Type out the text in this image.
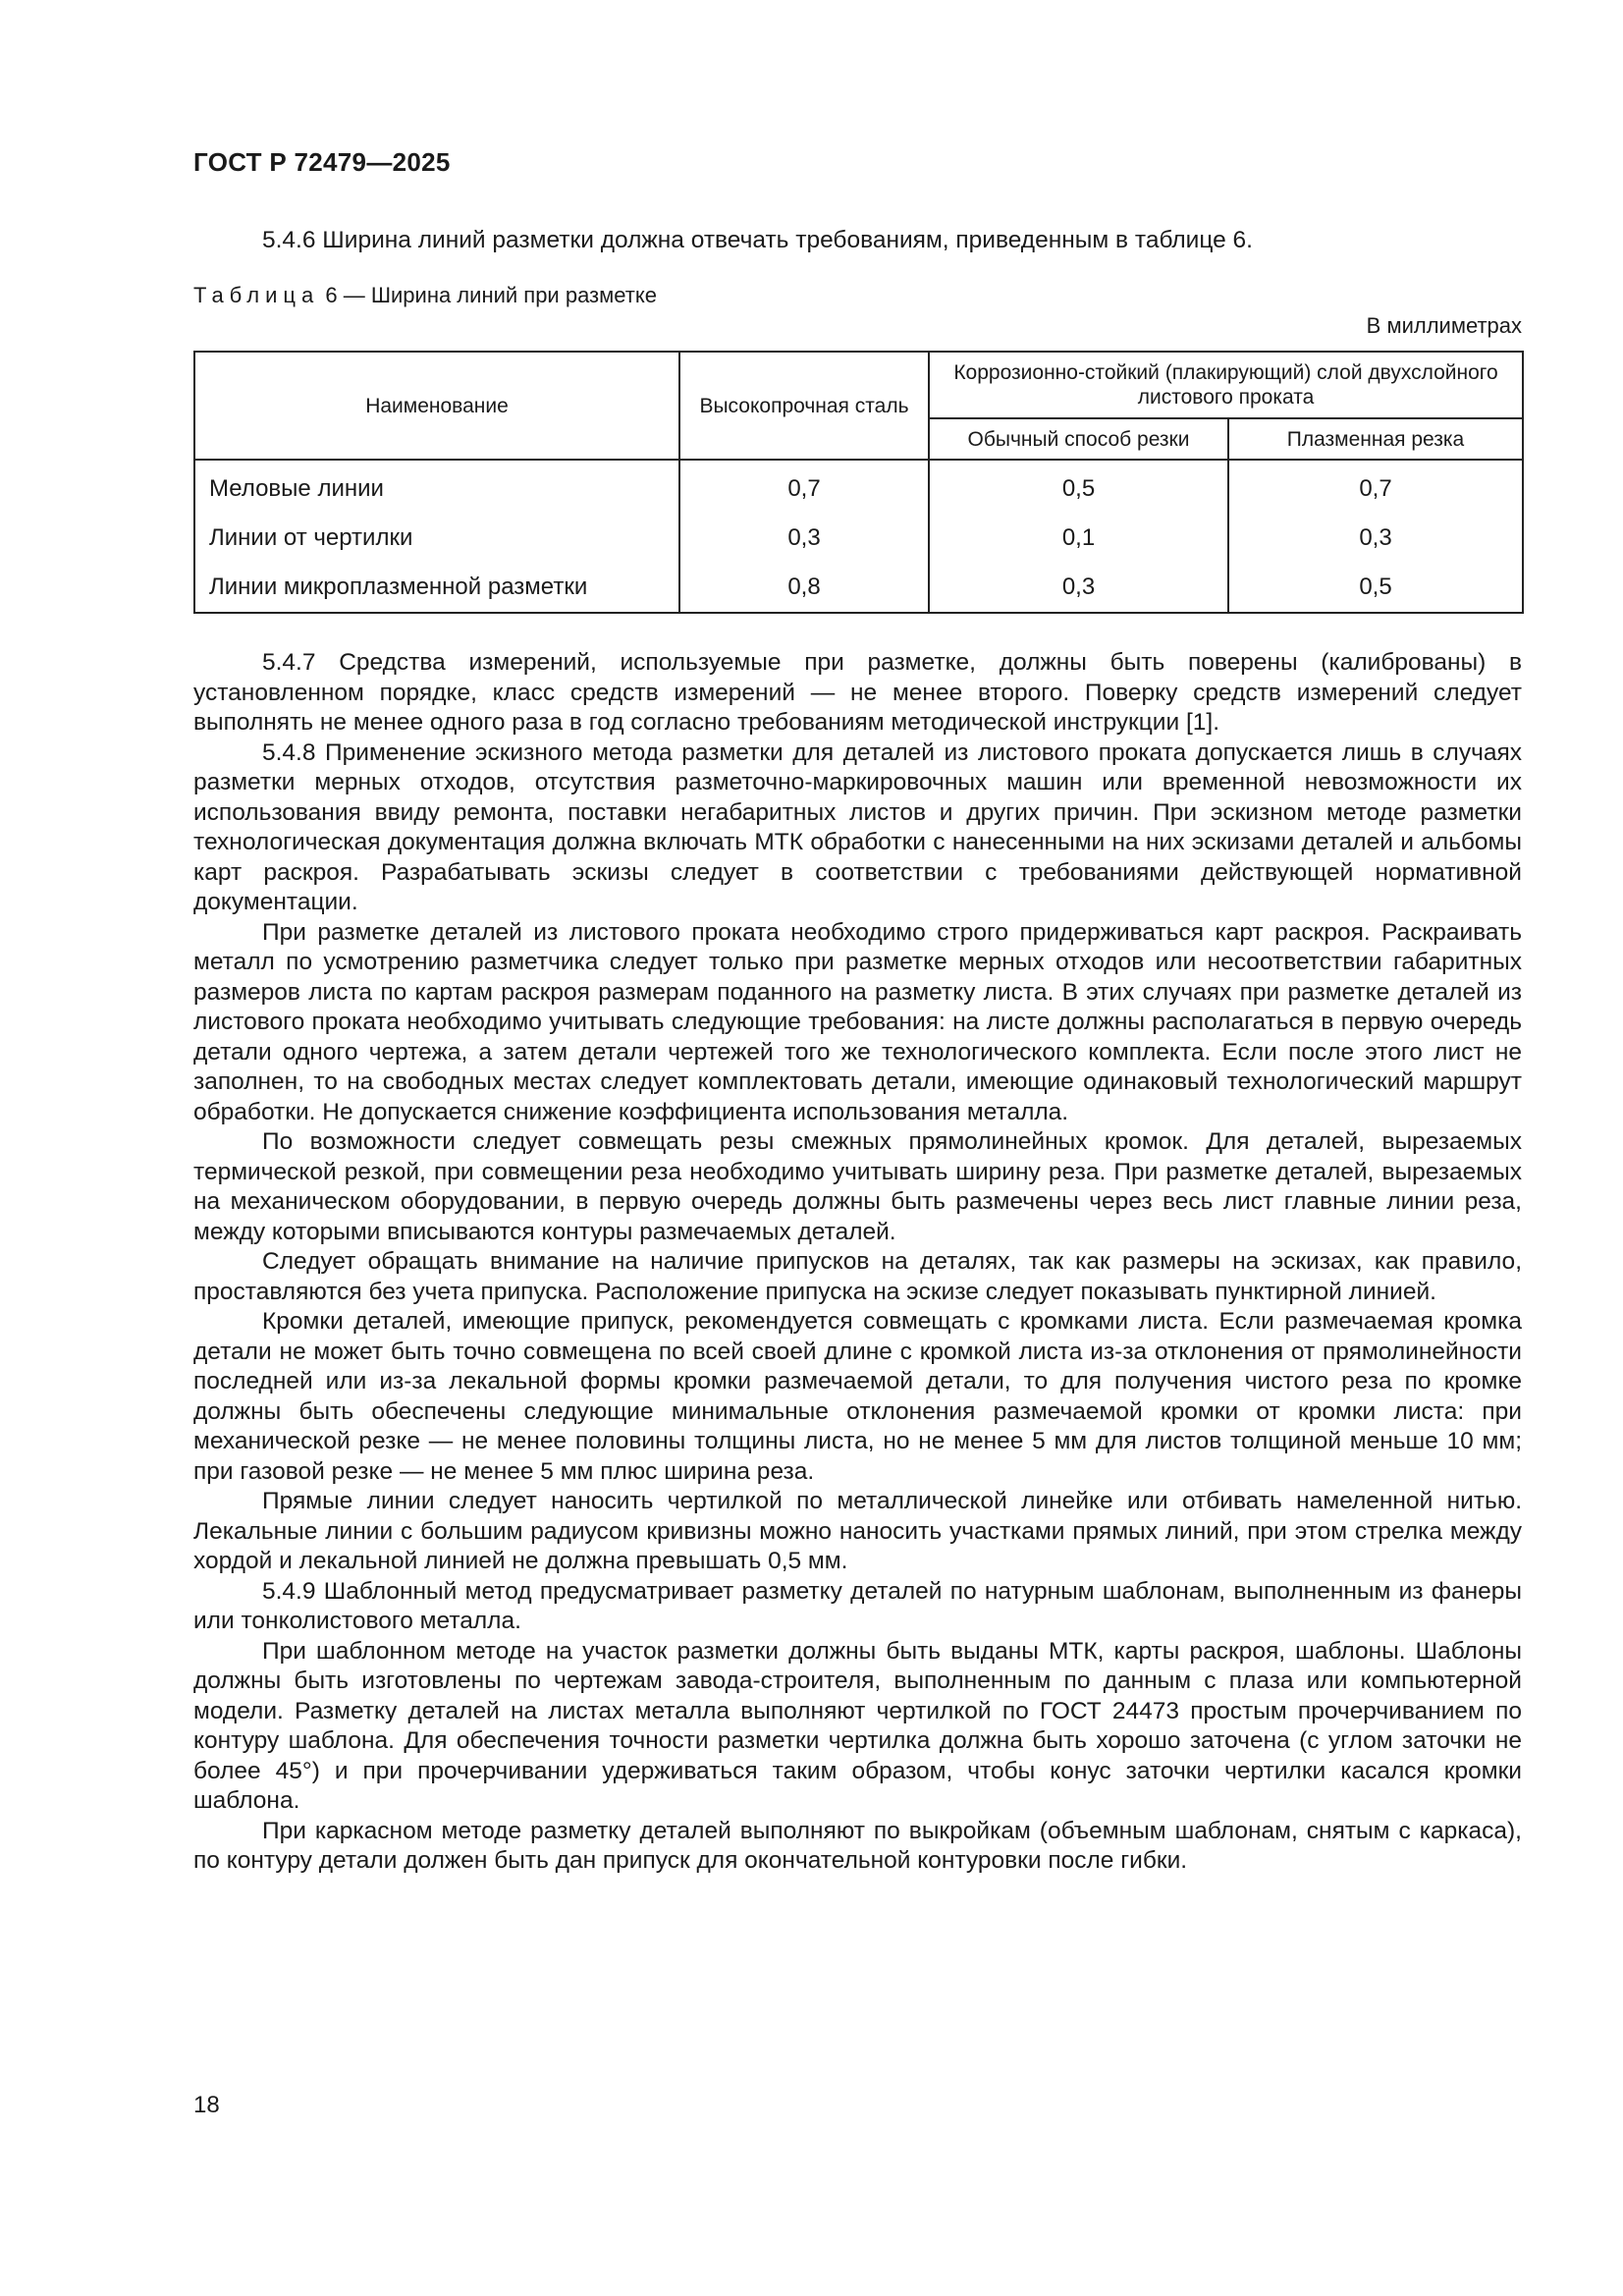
ГОСТ Р 72479—2025

5.4.6 Ширина линий разметки должна отвечать требованиям, приведенным в таблице 6.

Таблица 6 — Ширина линий при разметке
В миллиметрах
Наименование	Высокопрочная сталь	Коррозионно-стойкий (плакирующий) слой двухслойного листового проката	
		Обычный способ резки	Плазменная резка
Меловые линии	0,7	0,5	0,7
Линии от чертилки	0,3	0,1	0,3
Линии микроплазменной разметки	0,8	0,3	0,5

5.4.7 Средства измерений, используемые при разметке, должны быть поверены (калиброваны) в установленном порядке, класс средств измерений — не менее второго. Поверку средств измерений следует выполнять не менее одного раза в год согласно требованиям методической инструкции [1].

5.4.8 Применение эскизного метода разметки для деталей из листового проката допускается лишь в случаях разметки мерных отходов, отсутствия разметочно-маркировочных машин или временной невозможности их использования ввиду ремонта, поставки негабаритных листов и других причин. При эскизном методе разметки технологическая документация должна включать МТК обработки с нанесенными на них эскизами деталей и альбомы карт раскроя. Разрабатывать эскизы следует в соответствии с требованиями действующей нормативной документации.

При разметке деталей из листового проката необходимо строго придерживаться карт раскроя. Раскраивать металл по усмотрению разметчика следует только при разметке мерных отходов или несоответствии габаритных размеров листа по картам раскроя размерам поданного на разметку листа. В этих случаях при разметке деталей из листового проката необходимо учитывать следующие требования: на листе должны располагаться в первую очередь детали одного чертежа, а затем детали чертежей того же технологического комплекта. Если после этого лист не заполнен, то на свободных местах следует комплектовать детали, имеющие одинаковый технологический маршрут обработки. Не допускается снижение коэффициента использования металла.

По возможности следует совмещать резы смежных прямолинейных кромок. Для деталей, вырезаемых термической резкой, при совмещении реза необходимо учитывать ширину реза. При разметке деталей, вырезаемых на механическом оборудовании, в первую очередь должны быть размечены через весь лист главные линии реза, между которыми вписываются контуры размечаемых деталей.

Следует обращать внимание на наличие припусков на деталях, так как размеры на эскизах, как правило, проставляются без учета припуска. Расположение припуска на эскизе следует показывать пунктирной линией.

Кромки деталей, имеющие припуск, рекомендуется совмещать с кромками листа. Если размечаемая кромка детали не может быть точно совмещена по всей своей длине с кромкой листа из-за отклонения от прямолинейности последней или из-за лекальной формы кромки размечаемой детали, то для получения чистого реза по кромке должны быть обеспечены следующие минимальные отклонения размечаемой кромки от кромки листа: при механической резке — не менее половины толщины листа, но не менее 5 мм для листов толщиной меньше 10 мм; при газовой резке — не менее 5 мм плюс ширина реза.

Прямые линии следует наносить чертилкой по металлической линейке или отбивать намеленной нитью. Лекальные линии с большим радиусом кривизны можно наносить участками прямых линий, при этом стрелка между хордой и лекальной линией не должна превышать 0,5 мм.

5.4.9 Шаблонный метод предусматривает разметку деталей по натурным шаблонам, выполненным из фанеры или тонколистового металла.

При шаблонном методе на участок разметки должны быть выданы МТК, карты раскроя, шаблоны. Шаблоны должны быть изготовлены по чертежам завода-строителя, выполненным по данным с плаза или компьютерной модели. Разметку деталей на листах металла выполняют чертилкой по ГОСТ 24473 простым прочерчиванием по контуру шаблона. Для обеспечения точности разметки чертилка должна быть хорошо заточена (с углом заточки не более 45°) и при прочерчивании удерживаться таким образом, чтобы конус заточки чертилки касался кромки шаблона.

При каркасном методе разметку деталей выполняют по выкройкам (объемным шаблонам, снятым с каркаса), по контуру детали должен быть дан припуск для окончательной контуровки после гибки.

18
